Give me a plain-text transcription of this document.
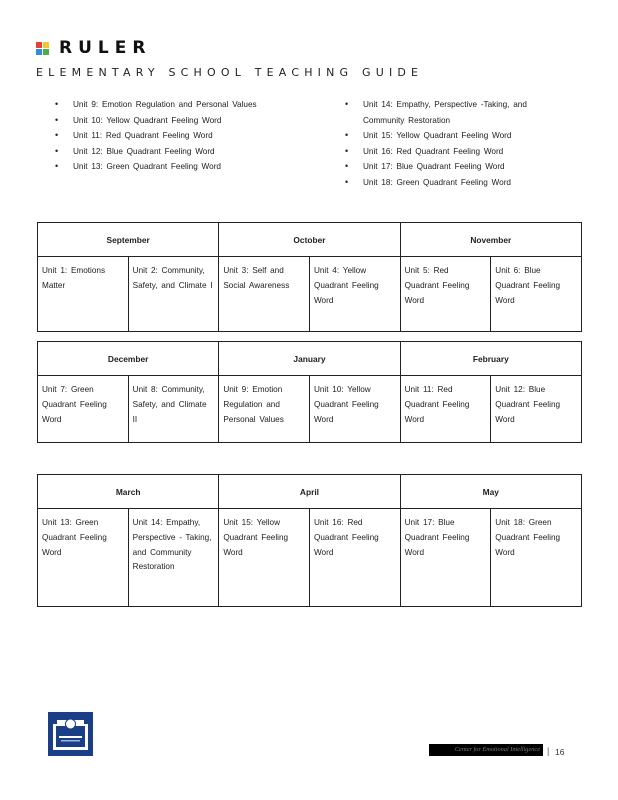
RULER
ELEMENTARY SCHOOL TEACHING GUIDE
• Unit 9: Emotion Regulation and Personal Values
• Unit 10: Yellow Quadrant Feeling Word
• Unit 11: Red Quadrant Feeling Word
• Unit 12: Blue Quadrant Feeling Word
• Unit 13: Green Quadrant Feeling Word
• Unit 14: Empathy, Perspective -Taking, and Community Restoration
• Unit 15: Yellow Quadrant Feeling Word
• Unit 16: Red Quadrant Feeling Word
• Unit 17: Blue Quadrant Feeling Word
• Unit 18: Green Quadrant Feeling Word
September		October		November	
Unit 1: Emotions Matter	Unit 2: Community, Safety, and Climate I	Unit 3: Self and Social Awareness	Unit 4: Yellow Quadrant Feeling Word	Unit 5: Red Quadrant Feeling Word	Unit 6: Blue Quadrant Feeling Word
December		January		February	
Unit 7: Green Quadrant Feeling Word	Unit 8: Community, Safety, and Climate II	Unit 9: Emotion Regulation and Personal Values	Unit 10: Yellow Quadrant Feeling Word	Unit 11: Red Quadrant Feeling Word	Unit 12: Blue Quadrant Feeling Word
March		April		May	
Unit 13: Green Quadrant Feeling Word	Unit 14: Empathy, Perspective - Taking, and Community Restoration	Unit 15: Yellow Quadrant Feeling Word	Unit 16: Red Quadrant Feeling Word	Unit 17: Blue Quadrant Feeling Word	Unit 18: Green Quadrant Feeling Word
Center for Emotional Intelligence | 16
